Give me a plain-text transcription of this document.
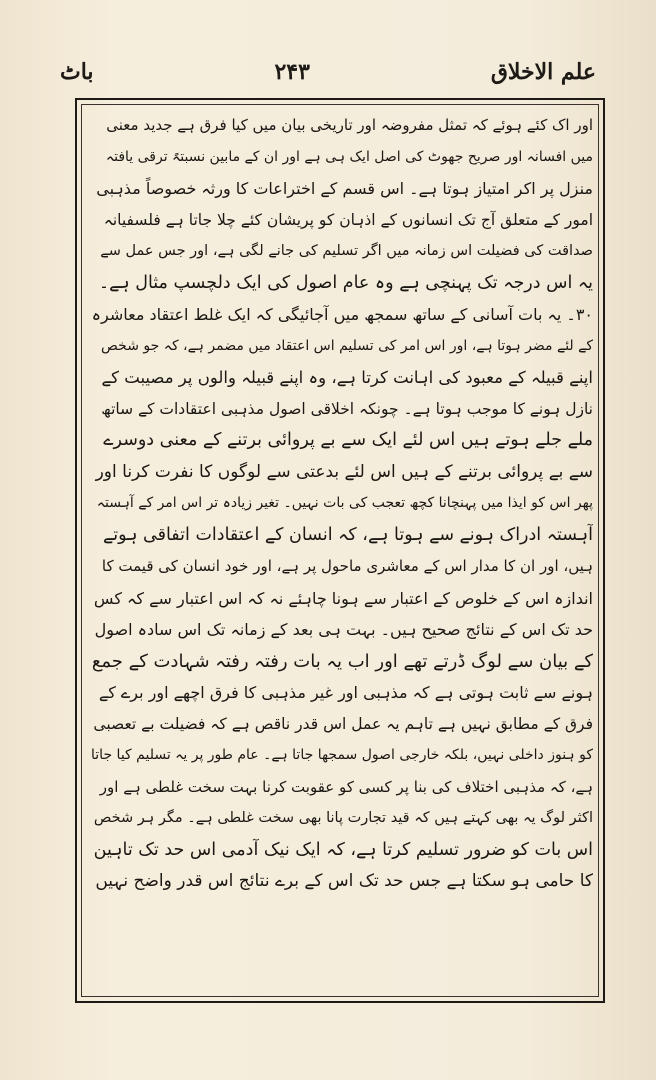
باٹ	۲۴۳	علم الاخلاق
اور اک کئے ہوئے کہ تمثل مفروضہ اور تاریخی بیان میں کیا فرق ہے جدید معنی
میں افسانہ اور صریح جھوٹ کی اصل ایک ہی ہے اور ان کے مابین نسبتہً ترقی یافتہ
منزل پر اکر امتیاز ہوتا ہے۔ اس قسم کے اختراعات کا ورثہ خصوصاً مذہبی
امور کے متعلق آج تک انسانوں کے اذہان کو پریشان کئے چلا جاتا ہے فلسفیانہ
صداقت کی فضیلت اس زمانہ میں اگر تسلیم کی جانے لگی ہے، اور جس عمل سے
یہ اس درجہ تک پہنچی ہے وہ عام اصول کی ایک دلچسپ مثال ہے۔
۳۰۔ یہ بات آسانی کے ساتھ سمجھ میں آجائیگی کہ ایک غلط اعتقاد معاشرہ
کے لئے مضر ہوتا ہے، اور اس امر کی تسلیم اس اعتقاد میں مضمر ہے، کہ جو شخص
اپنے قبیلہ کے معبود کی اہانت کرتا ہے، وہ اپنے قبیلہ والوں پر مصیبت کے
نازل ہونے کا موجب ہوتا ہے۔ چونکہ اخلاقی اصول مذہبی اعتقادات کے ساتھ
ملے جلے ہوتے ہیں اس لئے ایک سے بے پروائی برتنے کے معنی دوسرے
سے بے پروائی برتنے کے ہیں اس لئے بدعتی سے لوگوں کا نفرت کرنا اور
پھر اس کو ایذا میں پہنچانا کچھ تعجب کی بات نہیں۔ تغیر زیادہ تر اس امر کے آہستہ
آہستہ ادراک ہونے سے ہوتا ہے، کہ انسان کے اعتقادات اتفاقی ہوتے
ہیں، اور ان کا مدار اس کے معاشری ماحول پر ہے، اور خود انسان کی قیمت کا
اندازہ اس کے خلوص کے اعتبار سے ہونا چاہئے نہ کہ اس اعتبار سے کہ کس
حد تک اس کے نتائج صحیح ہیں۔ بہت ہی بعد کے زمانہ تک اس سادہ اصول
کے بیان سے لوگ ڈرتے تھے اور اب یہ بات رفتہ رفتہ شہادت کے جمع
ہونے سے ثابت ہوتی ہے کہ مذہبی اور غیر مذہبی کا فرق اچھے اور برے کے
فرق کے مطابق نہیں ہے تاہم یہ عمل اس قدر ناقص ہے کہ فضیلت بے تعصبی
کو ہنوز داخلی نہیں، بلکہ خارجی اصول سمجھا جاتا ہے۔ عام طور پر یہ تسلیم کیا جاتا
ہے، کہ مذہبی اختلاف کی بنا پر کسی کو عقوبت کرنا بہت سخت غلطی ہے اور
اکثر لوگ یہ بھی کہتے ہیں کہ قید تجارت پانا بھی سخت غلطی ہے۔ مگر ہر شخص
اس بات کو ضرور تسلیم کرتا ہے، کہ ایک نیک آدمی اس حد تک تاہین
کا حامی ہو سکتا ہے جس حد تک اس کے برے نتائج اس قدر واضح نہیں
